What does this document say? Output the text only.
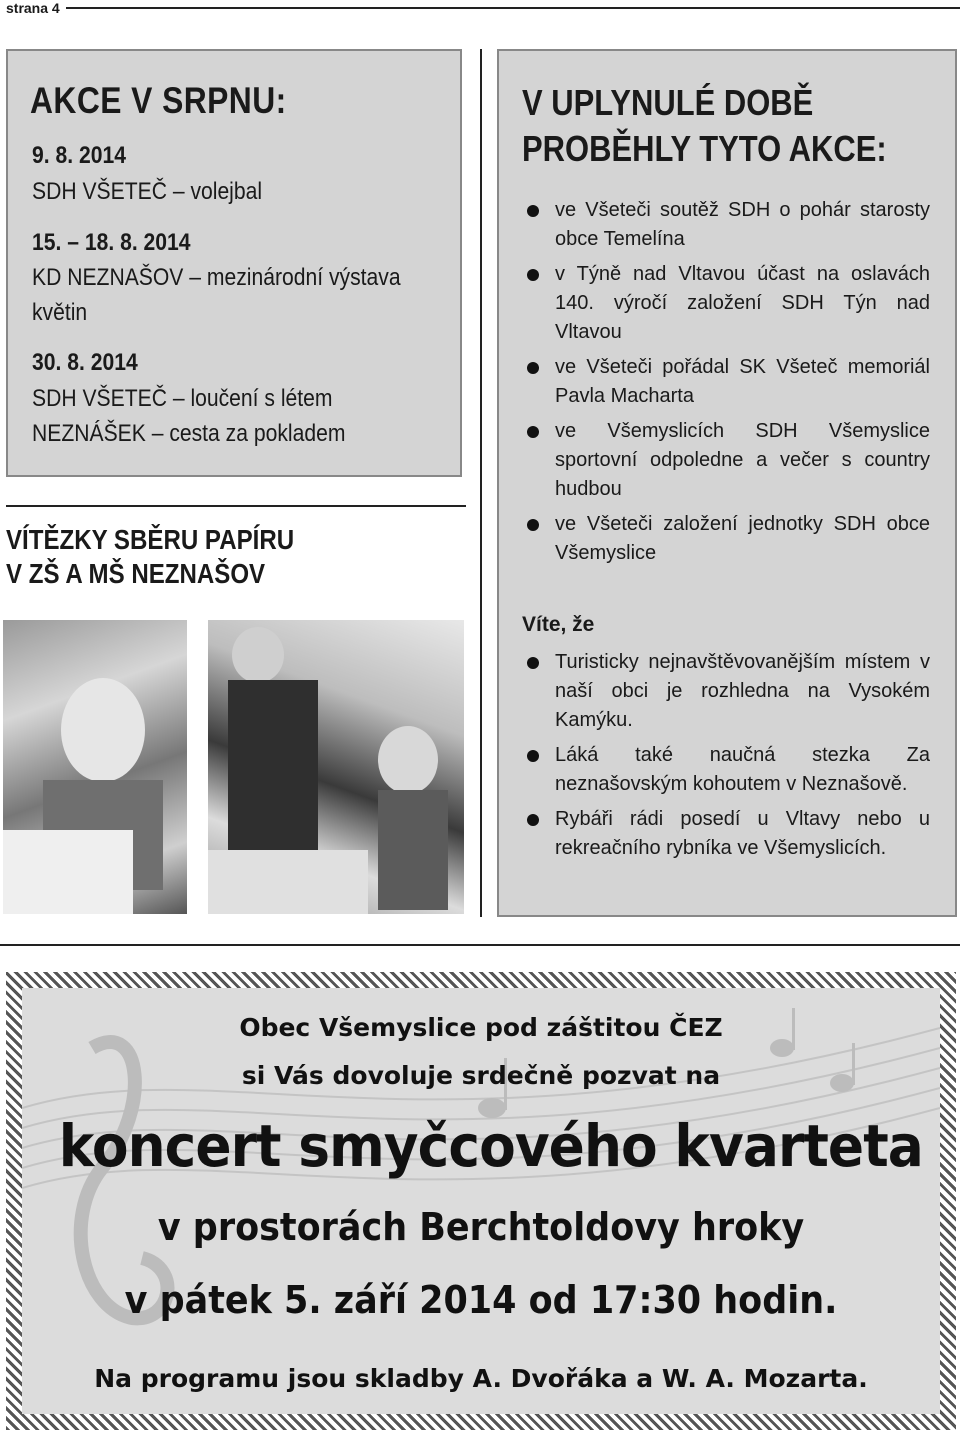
strana 4
AKCE V SRPNU:
9. 8. 2014
SDH VŠETEČ – volejbal
15. – 18. 8. 2014
KD NEZNAŠOV – mezinárodní výstava
květin
30. 8. 2014
SDH VŠETEČ – loučení s létem
NEZNÁŠEK – cesta za pokladem
VÍTĚZKY SBĚRU PAPÍRU
V ZŠ A MŠ NEZNAŠOV
V UPLYNULÉ DOBĚ
PROBĚHLY TYTO AKCE:
ve Všeteči soutěž SDH o pohár starosty obce Temelína
v Týně nad Vltavou účast na oslavách 140. výročí založení SDH Týn nad Vltavou
ve Všeteči pořádal SK Všeteč memoriál Pavla Macharta
ve Všemyslicích SDH Všemyslice sportovní odpoledne a večer s country hudbou
ve Všeteči založení jednotky SDH obce Všemyslice
Víte, že
Turisticky nejnavštěvovanějším místem v naší obci je rozhledna na Vysokém Kamýku.
Láká také naučná stezka Za neznašovským kohoutem v Neznašově.
Rybáři rádi posedí u Vltavy nebo u rekreačního rybníka ve Všemyslicích.
Obec Všemyslice pod záštitou ČEZ
si Vás dovoluje srdečně pozvat na
koncert smyčcového kvarteta
v prostorách Berchtoldovy hroky
v pátek 5. září 2014 od 17:30 hodin.
Na programu jsou skladby A. Dvořáka a W. A. Mozarta.
